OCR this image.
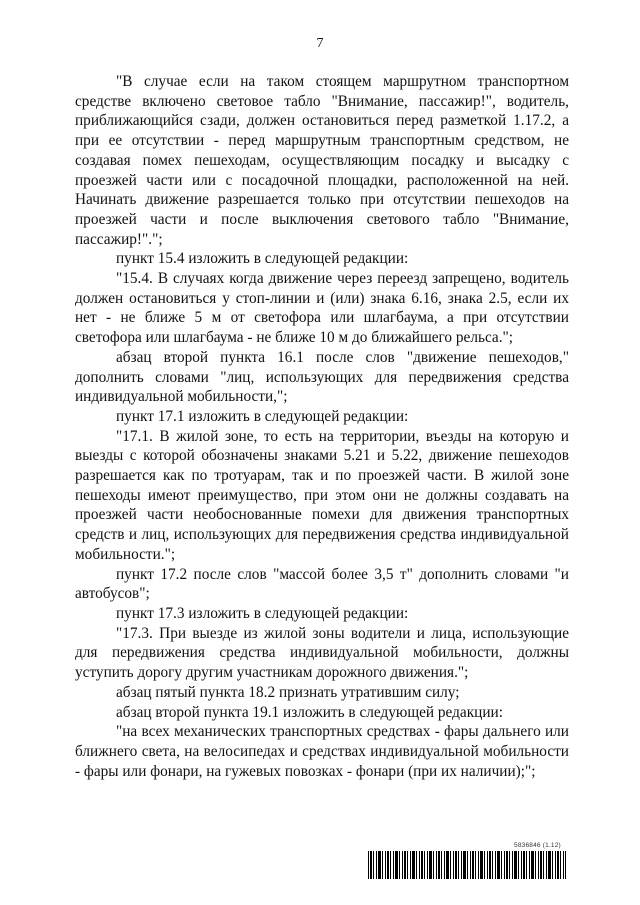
7

"В случае если на таком стоящем маршрутном транспортном средстве включено световое табло "Внимание, пассажир!", водитель, приближающийся сзади, должен остановиться перед разметкой 1.17.2, а при ее отсутствии - перед маршрутным транспортным средством, не создавая помех пешеходам, осуществляющим посадку и высадку с проезжей части или с посадочной площадки, расположенной на ней. Начинать движение разрешается только при отсутствии пешеходов на проезжей части и после выключения светового табло "Внимание, пассажир!".";

пункт 15.4 изложить в следующей редакции:

"15.4. В случаях когда движение через переезд запрещено, водитель должен остановиться у стоп-линии и (или) знака 6.16, знака 2.5, если их нет - не ближе 5 м от светофора или шлагбаума, а при отсутствии светофора или шлагбаума - не ближе 10 м до ближайшего рельса.";

абзац второй пункта 16.1 после слов "движение пешеходов," дополнить словами "лиц, использующих для передвижения средства индивидуальной мобильности,";

пункт 17.1 изложить в следующей редакции:

"17.1. В жилой зоне, то есть на территории, въезды на которую и выезды с которой обозначены знаками 5.21 и 5.22, движение пешеходов разрешается как по тротуарам, так и по проезжей части. В жилой зоне пешеходы имеют преимущество, при этом они не должны создавать на проезжей части необоснованные помехи для движения транспортных средств и лиц, использующих для передвижения средства индивидуальной мобильности.";

пункт 17.2 после слов "массой более 3,5 т" дополнить словами "и автобусов";

пункт 17.3 изложить в следующей редакции:

"17.3. При выезде из жилой зоны водители и лица, использующие для передвижения средства индивидуальной мобильности, должны уступить дорогу другим участникам дорожного движения.";

абзац пятый пункта 18.2 признать утратившим силу;

абзац второй пункта 19.1 изложить в следующей редакции:

"на всех механических транспортных средствах - фары дальнего или ближнего света, на велосипедах и средствах индивидуальной мобильности - фары или фонари, на гужевых повозках - фонари (при их наличии);";

5836846 (1.12)
